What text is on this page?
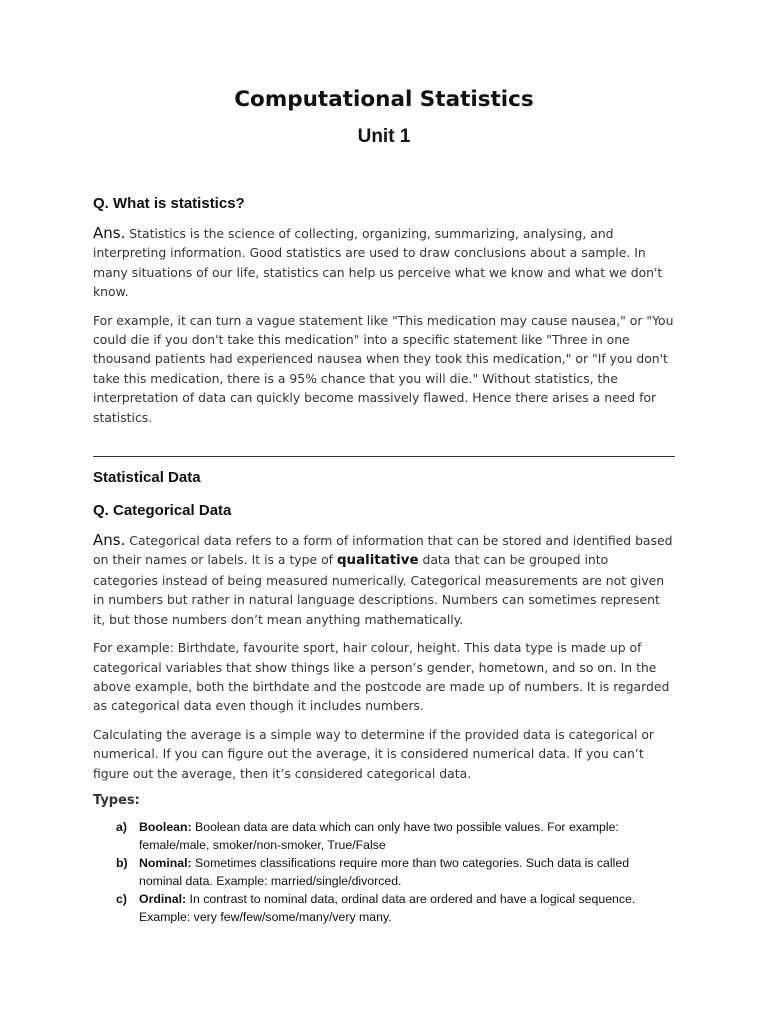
Computational Statistics
Unit 1
Q. What is statistics?

Ans. Statistics is the science of collecting, organizing, summarizing, analysing, and interpreting information. Good statistics are used to draw conclusions about a sample. In many situations of our life, statistics can help us perceive what we know and what we don't know.

For example, it can turn a vague statement like "This medication may cause nausea," or "You could die if you don't take this medication" into a specific statement like "Three in one thousand patients had experienced nausea when they took this medication," or "If you don't take this medication, there is a 95% chance that you will die." Without statistics, the interpretation of data can quickly become massively flawed. Hence there arises a need for statistics.

Statistical Data
Q. Categorical Data

Ans. Categorical data refers to a form of information that can be stored and identified based on their names or labels. It is a type of qualitative data that can be grouped into categories instead of being measured numerically. Categorical measurements are not given in numbers but rather in natural language descriptions. Numbers can sometimes represent it, but those numbers don’t mean anything mathematically.

For example: Birthdate, favourite sport, hair colour, height. This data type is made up of categorical variables that show things like a person’s gender, hometown, and so on. In the above example, both the birthdate and the postcode are made up of numbers. It is regarded as categorical data even though it includes numbers.

Calculating the average is a simple way to determine if the provided data is categorical or numerical. If you can figure out the average, it is considered numerical data. If you can’t figure out the average, then it’s considered categorical data.

Types:

a) Boolean: Boolean data are data which can only have two possible values. For example: female/male, smoker/non-smoker, True/False
b) Nominal: Sometimes classifications require more than two categories. Such data is called nominal data. Example: married/single/divorced.
c) Ordinal: In contrast to nominal data, ordinal data are ordered and have a logical sequence. Example: very few/few/some/many/very many.
